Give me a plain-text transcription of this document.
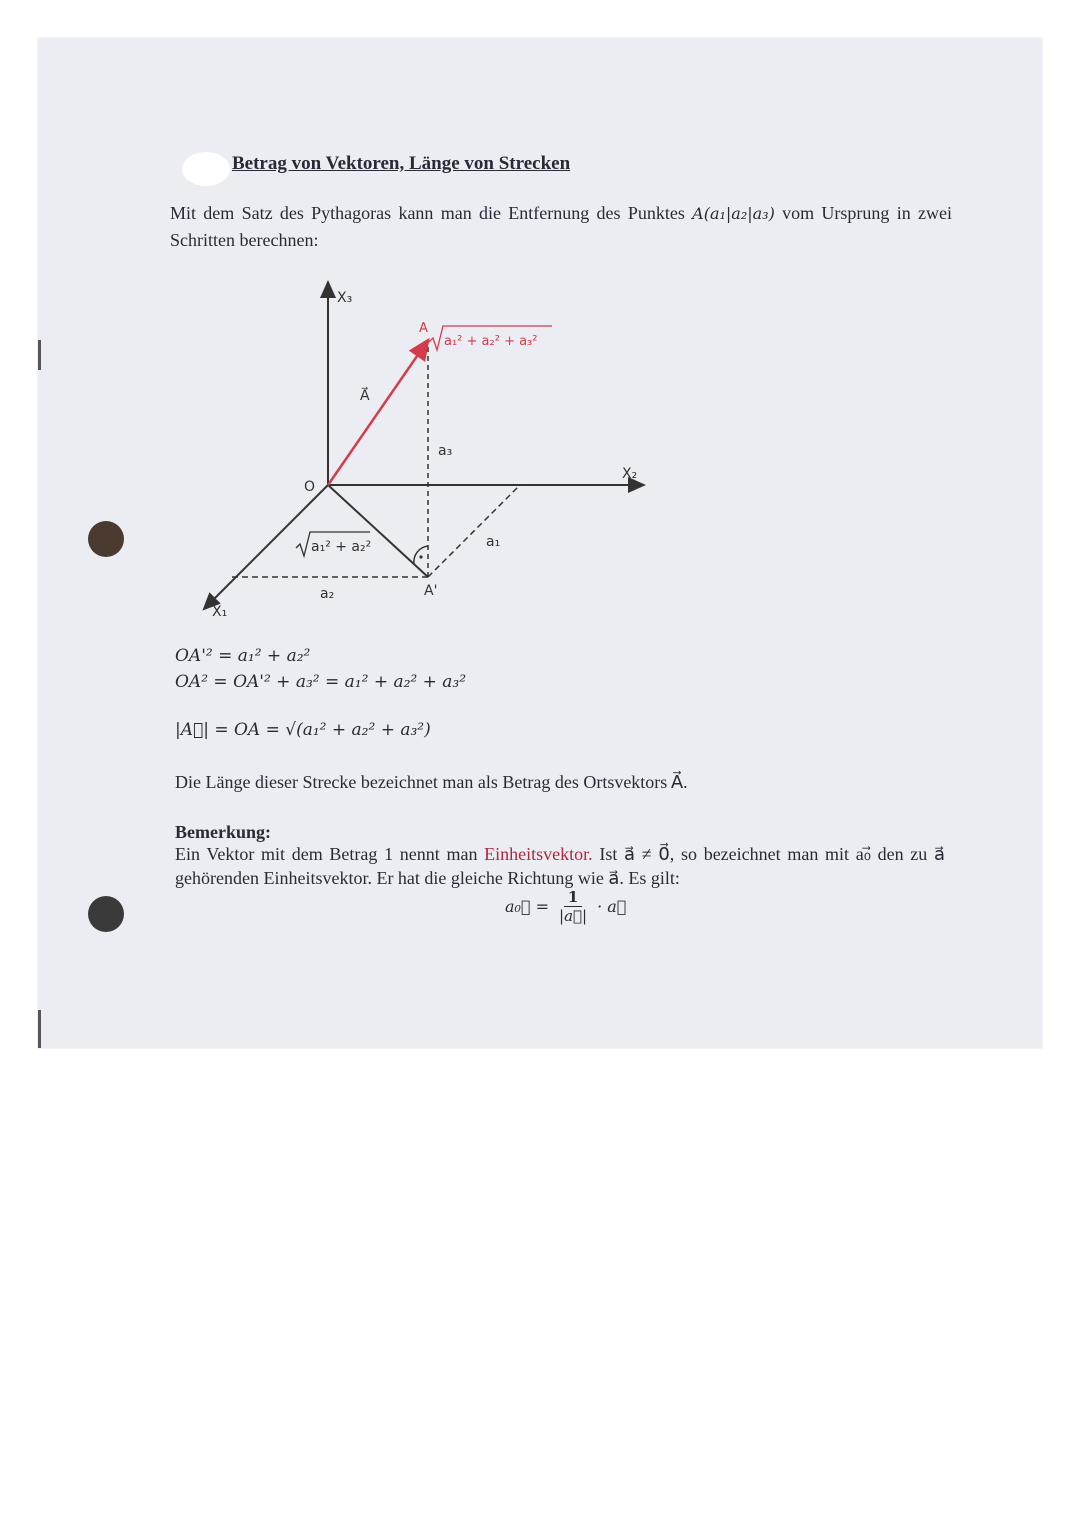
Betrag von Vektoren, Länge von Strecken

Mit dem Satz des Pythagoras kann man die Entfernung des Punktes A(a₁|a₂|a₃) vom Ursprung in zwei Schritten berechnen:

X₃
X₂
X₁
O
A
A'
A⃗
a₃
a₁
a₂
a₁² + a₂²
a₁² + a₂² + a₃²

OA'² = a₁² + a₂²

OA² = OA'² + a₃² = a₁² + a₂² + a₃²

|A⃗| = OA = √(a₁² + a₂² + a₃²)

Die Länge dieser Strecke bezeichnet man als Betrag des Ortsvektors A⃗.

Bemerkung:

Ein Vektor mit dem Betrag 1 nennt man Einheitsvektor. Ist a⃗ ≠ 0⃗, so bezeichnet man mit a₀⃗ den zu a⃗ gehörenden Einheitsvektor. Er hat die gleiche Richtung wie a⃗. Es gilt:

a₀⃗ = $\frac{1}{|a⃗|}$ · a⃗
